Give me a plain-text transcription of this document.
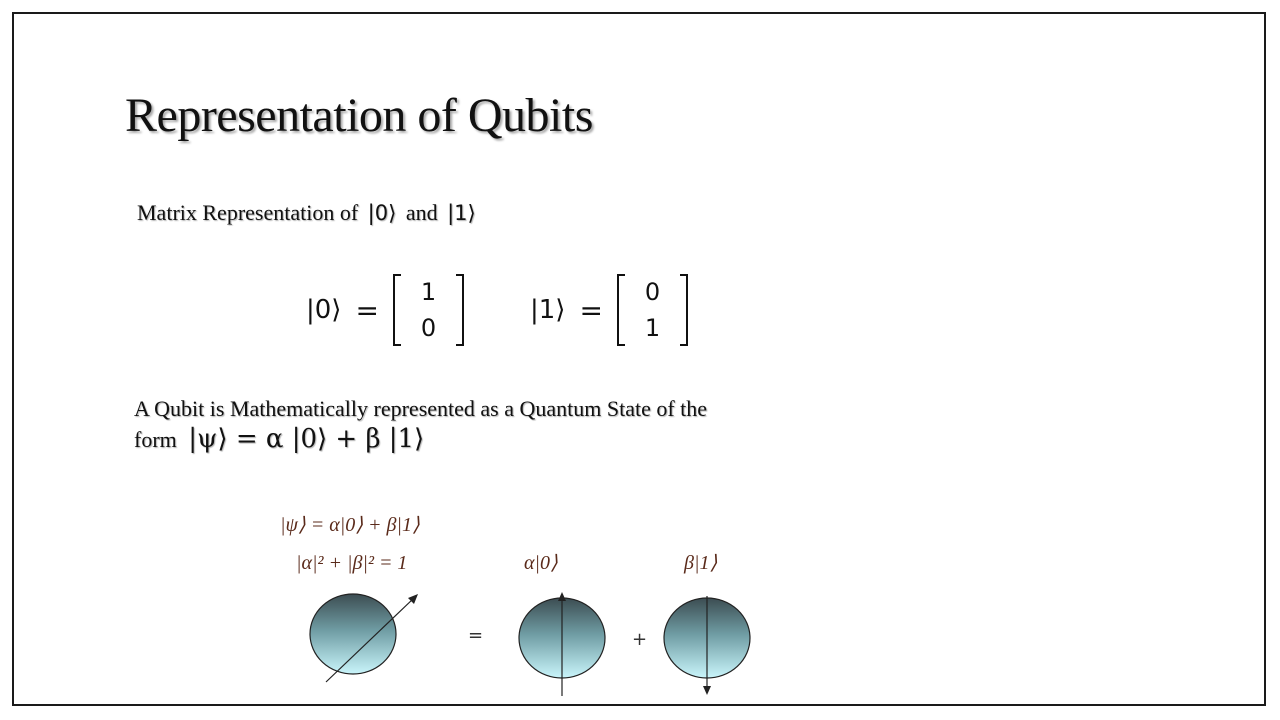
Representation of Qubits
Matrix Representation of |0⟩ and |1⟩
|0⟩ =
1
0
|1⟩ =
0
1
A Qubit is Mathematically represented as a Quantum State of the
form |ψ⟩ = α |0⟩ + β |1⟩
|ψ⟩ = α|0⟩ + β|1⟩
|α|² + |β|² = 1	α|0⟩	β|1⟩
=	+
